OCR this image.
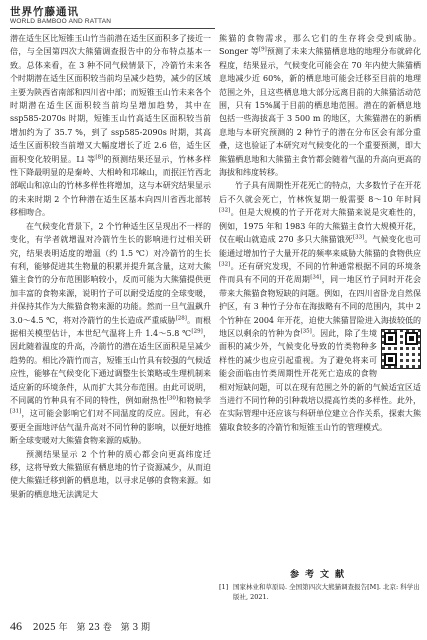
世界竹藤通讯
WORLD BAMBOO AND RATTAN

潜在适生区比短锥玉山竹当前潜在适生区面积多了接近一倍，与全国第四次大熊猫调查报告中的分布特点基本一致。总体来看，在 3 种不同气候情景下，冷箭竹未来各个时期潜在适生区面积较当前均呈减少趋势，减少的区域主要为陕西省南部和四川省中部；而短锥玉山竹未来各个时期潜在适生区面积较当前均呈增加趋势，其中在 ssp585-2070s 时期，短锥玉山竹高适生区面积较当前增加约为了 35.7 %，到了 ssp585-2090s 时期，其高适生区面积较当前增又大幅度增长了近 2.6 倍，适生区面积变化较明显。Li 等[8]的预测结果还显示，竹林多样性下降最明显的是秦岭、大相岭和邛崃山，而抿汪竹西北部岷山和凉山的竹林多样性将增加，这与本研究结果显示的未来时期 2 个竹种潜在适生区基本向四川省西北部转移相吻合。

在气候变化背景下，2 个竹种适生区呈现出不一样的变化，有学者就增温对冷箭竹生长的影响进行过相关研究，结果表明适度的增温（约 1.5 ℃）对冷箭竹的生长有利，能够促进其生物量的积累并提升氮含量，这对大熊猫主食竹的分布范围影响较小，反而可能为大熊猫提供更加丰富的食物来源，说明竹子可以耐受适度的全球变暖，并保持其作为大熊猫食物来源的功能。然而一旦气温飙升 3.0～4.5 ℃，将对冷箭竹的生长造成严重威胁[28]。而根据相关模型估计，本世纪气温将上升 1.4～5.8 ℃[29]，因此随着温度的升高，冷箭竹的潜在适生区面积是呈减少趋势的。相比冷箭竹而言，短锥玉山竹具有较强的气候适应性，能够在气候变化下通过调整生长策略或生理机制来适应新的环境条件，从而扩大其分布范围。由此可说明，不同属的竹种具有不同的特性，例如耐热性[30]和物候学[31]，这可能会影响它们对不同温度的反应。因此，有必要更全面地评估气温升高对不同竹种的影响，以便好地推断全球变暖对大熊猫食物来源的威胁。

预测结果显示 2 个竹种的质心都会向更高纬度迁移，这将导致大熊猫原有栖息地的竹子资源减少，从而迫使大熊猫迁移到新的栖息地，以寻求足够的食物来源。如果新的栖息地无法满足大

熊猫的食物需求，那么它们的生存将会受到威胁。Songer 等[9]预测了未来大熊猫栖息地的地理分布就碎化程度，结果显示，气候变化可能会在 70 年内使大熊猫栖息地减少近 60%，新的栖息地可能会迁移至目前的地理范围之外，且这些栖息地大部分远离目前的大熊猫活动范围，只有 15%属于目前的栖息地范围。潜在的新栖息地包括一些海拔高于 3 500 m 的地区，大熊猫潜在的新栖息地与本研究预测的 2 种竹子的潜在分布区会有部分重叠，这也验证了本研究对气候变化的一个重要预测，即大熊猫栖息地和大熊猫主食竹都会随着气温的升高向更高的海拔和纬度转移。

竹子具有周期性开花死亡的特点，大多数竹子在开花后不久就会死亡，竹林恢复期一般需要 8～10 年时间[32]。但是大规模的竹子开花对大熊猫来说是灾难性的，例如，1975 年和 1983 年的大熊猫主食竹大规模开花，仅在岷山就造成 270 多只大熊猫饿死[33]。气候变化也可能通过增加竹子大量开花的频率来威胁大熊猫的食物供应[32]。还有研究发现，不同的竹种通常根据不同的环境条件而具有不同的开花周期[34]，同一地区竹子同时开花会带来大熊猫食物短缺的问题。例如，在四川省卧龙自然保护区，有 3 种竹子分布在海拔略有不同的范围内，其中 2 个竹种在 2004 年开花，迫使大熊猫冒险进入海拔较低的地区以剩余的竹种为食[35]
。因此，除了生境面积的减少外，气候变化导致的竹类物种多样性的减少也应引起重视。为了避免将来可能会面临由竹类周期性开花死亡造成的食物相对短缺问题，可以在现有范围之外的新的气候适宜区适当进行不同竹种的引种栽培以提高竹类的多样性。此外，在实际管理中还应该与科研单位建立合作关系，探索大熊猫取食较多的冷箭竹和短锥玉山竹的管理模式。

参考文献
[1] 国家林业和草原局. 全国第四次大熊猫调查报告[M]. 北京: 科学出版社, 2021.
46 2025 年 第 23 卷 第 3 期
